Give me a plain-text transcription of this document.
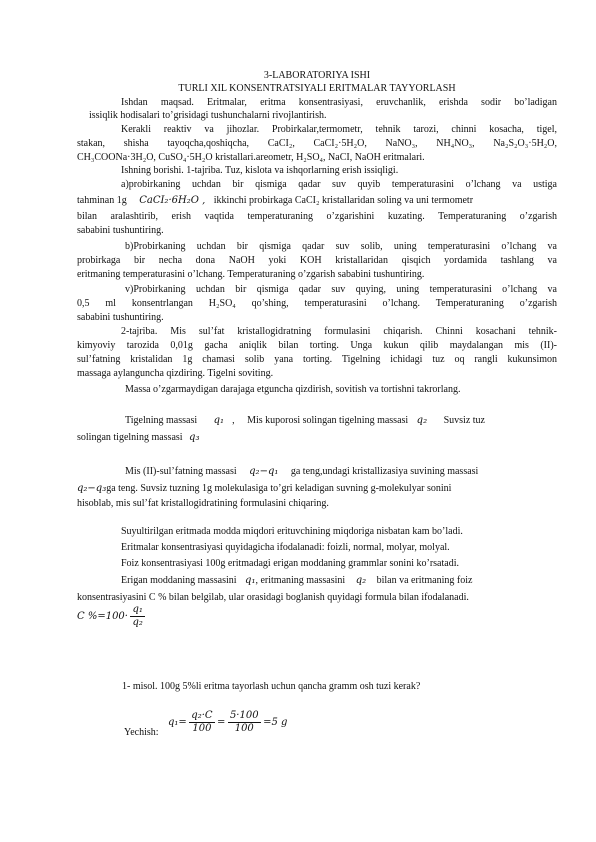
3-LABORATORIYA ISHI
TURLI XIL KONSENTRATSIYALI ERITMALAR TAYYORLASH
Ishdan maqsad. Eritmalar, eritma konsentrasiyasi, eruvchanlik, erishda sodir bo’ladigan
issiqlik hodisalari to’grisidagi tushunchalarni rivojlantirish.
Kerakli reaktiv va jihozlar. Probirkalar,termometr, tehnik tarozi, chinni kosacha, tigel,
stakan, shisha tayoqcha,qoshiqcha, CaCI₂, CaCI₂·5H₂O, NaNO₃, NH₄NO₃, Na₂S₂O₃·5H₂O,
CH₃COONa·3H₂O, CuSO₄·5H₂O kristallari.areometr, H₂SO₄, NaCI, NaOH eritmalari.
Ishning borishi. 1-tajriba. Tuz, kislota va ishqorlarning erish issiqligi.
a)probirkaning uchdan bir qismiga qadar suv quyib temperaturasini o’lchang va ustiga
tahminan 1g CaCI₂·6H₂O , ikkinchi probirkaga CaCI₂ kristallaridan soling va uni termometr
bilan aralashtirib, erish vaqtida temperaturaning o’zgarishini kuzating. Temperaturaning o’zgarish
sababini tushuntiring.
b)Probirkaning uchdan bir qismiga qadar suv solib, uning temperaturasini o’lchang va
probirkaga bir necha dona NaOH yoki KOH kristallaridan qisqich yordamida tashlang va
eritmaning temperaturasini o’lchang. Temperaturaning o’zgarish sababini tushuntiring.
v)Probirkaning uchdan bir qismiga qadar suv quying, uning temperaturasini o’lchang va
0,5 ml konsentrlangan H₂SO₄ qo’shing, temperaturasini o’lchang. Temperaturaning o’zgarish
sababini tushuntiring.
2-tajriba. Mis sul’fat kristallogidratning formulasini chiqarish. Chinni kosachani tehnik-
kimyoviy tarozida 0,01g gacha aniqlik bilan torting. Unga kukun qilib maydalangan mis (II)-
sul’fatning kristalidan 1g chamasi solib yana torting. Tigelning ichidagi tuz oq rangli kukunsimon
massaga aylanguncha qizdiring. Tigelni soviting.
Massa o’zgarmaydigan darajaga etguncha qizdirish, sovitish va tortishni takrorlang.
Tigelning massasi q₁ , Mis kuporosi solingan tigelning massasi q₂ Suvsiz tuz
solingan tigelning massasi q₃
Mis (II)-sul’fatning massasi q₂−q₁ ga teng,undagi kristallizasiya suvining massasi
q₂−q₃ga teng. Suvsiz tuzning 1g molekulasiga to’gri keladigan suvning g-molekulyar sonini
hisoblab, mis sul’fat kristallogidratining formulasini chiqaring.
Suyultirilgan eritmada modda miqdori erituvchining miqdoriga nisbatan kam bo’ladi.
Eritmalar konsentrasiyasi quyidagicha ifodalanadi: foizli, normal, molyar, molyal.
Foiz konsentrasiyasi 100g eritmadagi erigan moddaning grammlar sonini ko’rsatadi.
Erigan moddaning massasini q₁, eritmaning massasini q₂ bilan va eritmaning foiz
konsentrasiyasini C % bilan belgilab, ular orasidagi boglanish quyidagi formula bilan ifodalanadi.
C $\%=100\cdot \frac{\text{q₁}}{\text{q₂}}$
1- misol. 100g 5%li eritma tayorlash uchun qancha gramm osh tuzi kerak?
Yechish:
$q_1= \frac{\text{q₂·C}}{100} = \frac{5\cdot 100}{100} =5$ g
